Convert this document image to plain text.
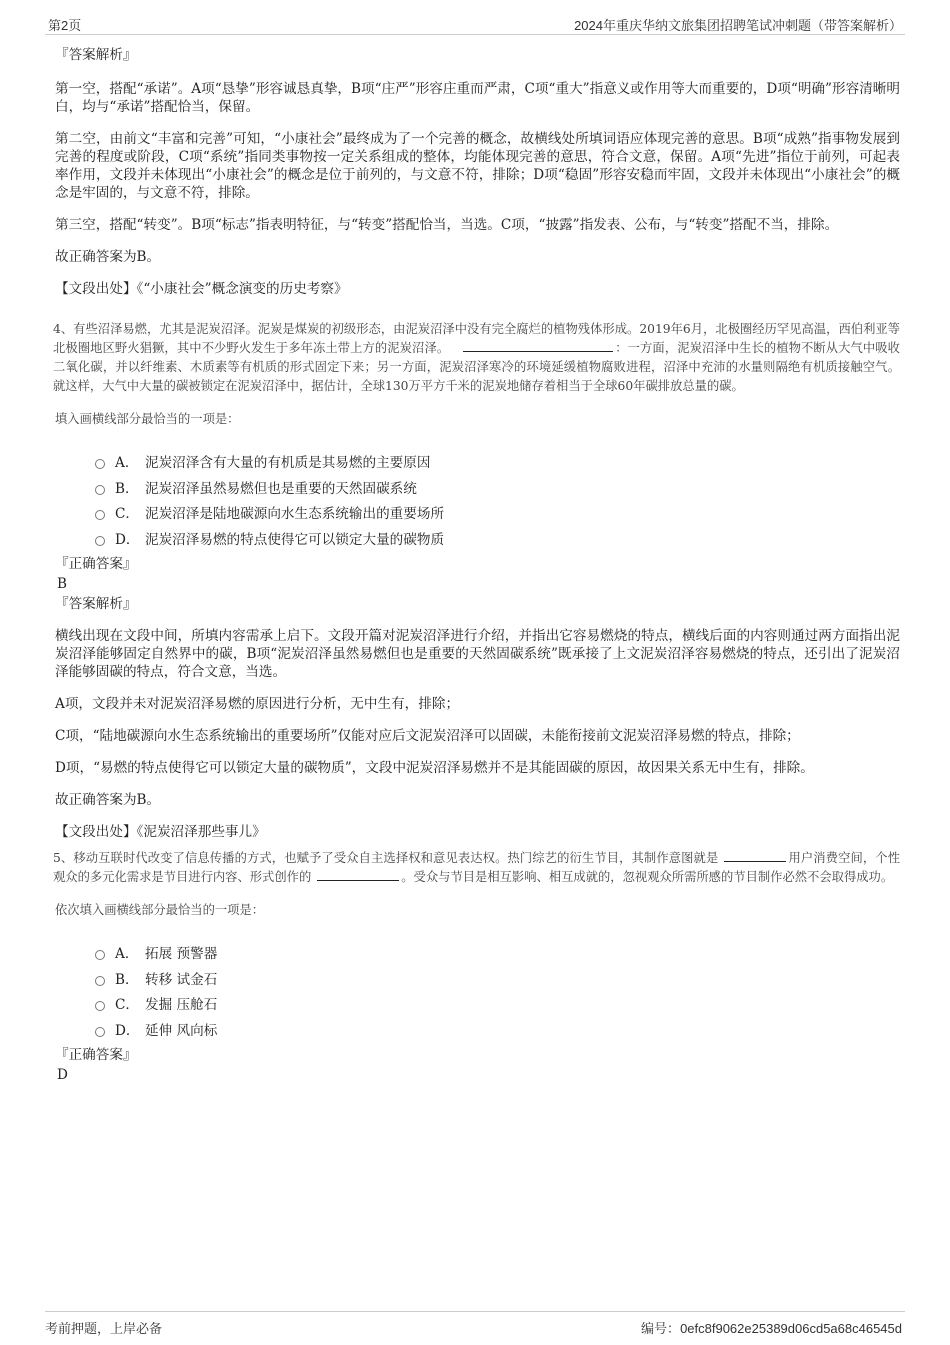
第2页	2024年重庆华纳文旅集团招聘笔试冲刺题（带答案解析）

『答案解析』

第一空，搭配“承诺”。A项“恳挚”形容诚恳真挚，B项“庄严”形容庄重而严肃，C项“重大”指意义或作用等大而重要的，D项“明确”形容清晰明白，均与“承诺”搭配恰当，保留。

第二空，由前文“丰富和完善”可知，“小康社会”最终成为了一个完善的概念，故横线处所填词语应体现完善的意思。B项“成熟”指事物发展到完善的程度或阶段，C项“系统”指同类事物按一定关系组成的整体，均能体现完善的意思，符合文意，保留。A项“先进”指位于前列，可起表率作用，文段并未体现出“小康社会”的概念是位于前列的，与文意不符，排除；D项“稳固”形容安稳而牢固，文段并未体现出“小康社会”的概念是牢固的，与文意不符，排除。

第三空，搭配“转变”。B项“标志”指表明特征，与“转变”搭配恰当，当选。C项，“披露”指发表、公布，与“转变”搭配不当，排除。

故正确答案为B。

【文段出处】《“小康社会”概念演变的历史考察》

4、有些沼泽易燃，尤其是泥炭沼泽。泥炭是煤炭的初级形态，由泥炭沼泽中没有完全腐烂的植物残体形成。2019年6月，北极圈经历罕见高温，西伯利亚等北极圈地区野火猖獗，其中不少野火发生于多年冻土带上方的泥炭沼泽。	：一方面，泥炭沼泽中生长的植物不断从大气中吸收二氧化碳，并以纤维素、木质素等有机质的形式固定下来；另一方面，泥炭沼泽寒冷的环境延缓植物腐败进程，沼泽中充沛的水量则隔绝有机质接触空气。就这样，大气中大量的碳被锁定在泥炭沼泽中，据估计，全球130万平方千米的泥炭地储存着相当于全球60年碳排放总量的碳。

填入画横线部分最恰当的一项是：

A． 泥炭沼泽含有大量的有机质是其易燃的主要原因
B． 泥炭沼泽虽然易燃但也是重要的天然固碳系统
C． 泥炭沼泽是陆地碳源向水生态系统输出的重要场所
D． 泥炭沼泽易燃的特点使得它可以锁定大量的碳物质

『正确答案』

B

『答案解析』

横线出现在文段中间，所填内容需承上启下。文段开篇对泥炭沼泽进行介绍，并指出它容易燃烧的特点，横线后面的内容则通过两方面指出泥炭沼泽能够固定自然界中的碳，B项“泥炭沼泽虽然易燃但也是重要的天然固碳系统”既承接了上文泥炭沼泽容易燃烧的特点，还引出了泥炭沼泽能够固碳的特点，符合文意，当选。

A项，文段并未对泥炭沼泽易燃的原因进行分析，无中生有，排除；

C项，“陆地碳源向水生态系统输出的重要场所”仅能对应后文泥炭沼泽可以固碳，未能衔接前文泥炭沼泽易燃的特点，排除；

D项，“易燃的特点使得它可以锁定大量的碳物质”，文段中泥炭沼泽易燃并不是其能固碳的原因，故因果关系无中生有，排除。

故正确答案为B。

【文段出处】《泥炭沼泽那些事儿》

5、移动互联时代改变了信息传播的方式，也赋予了受众自主选择权和意见表达权。热门综艺的衍生节目，其制作意图就是	用户消费空间，个性观众的多元化需求是节目进行内容、形式创作的	。受众与节目是相互影响、相互成就的，忽视观众所需所感的节目制作必然不会取得成功。

依次填入画横线部分最恰当的一项是：

A． 拓展 预警器
B． 转移 试金石
C． 发掘 压舱石
D． 延伸 风向标

『正确答案』

D

考前押题，上岸必备	编号：0efc8f9062e25389d06cd5a68c46545d
